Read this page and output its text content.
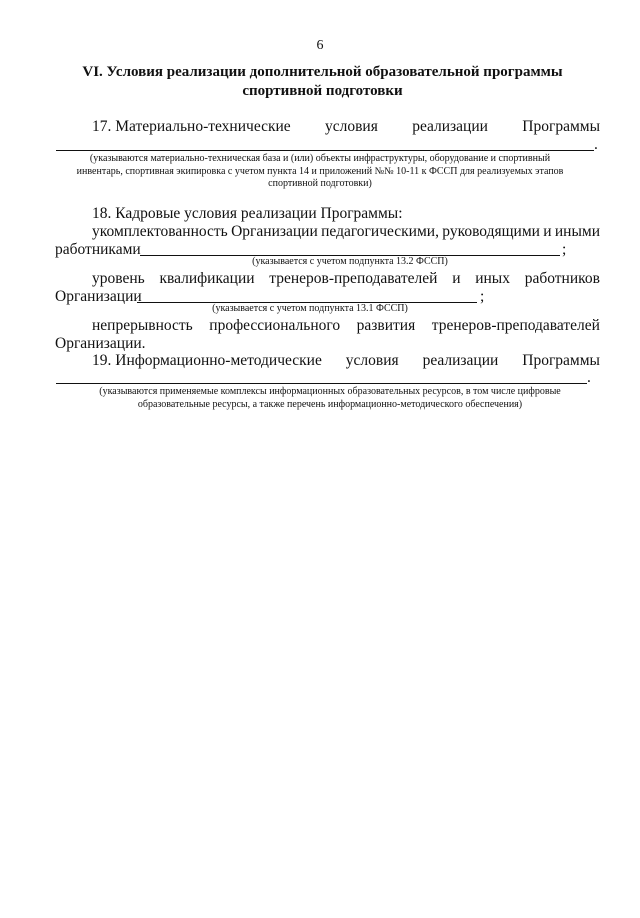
6
VI. Условия реализации дополнительной образовательной программы спортивной подготовки
17. Материально-технические условия реализации Программы
.
(указываются материально-техническая база и (или) объекты инфраструктуры, оборудование и спортивный инвентарь, спортивная экипировка с учетом пункта 14 и приложений №№ 10-11 к ФССП для реализуемых этапов спортивной подготовки)
18. Кадровые условия реализации Программы:
укомплектованность Организации педагогическими, руководящими и иными
работниками	;
(указывается с учетом подпункта 13.2 ФССП)
уровень квалификации тренеров-преподавателей и иных работников
Организации	;
(указывается с учетом подпункта 13.1 ФССП)
непрерывность профессионального развития тренеров-преподавателей
Организации.
19. Информационно-методические условия реализации Программы
.
(указываются применяемые комплексы информационных образовательных ресурсов, в том числе цифровые образовательные ресурсы, а также перечень информационно-методического обеспечения)
